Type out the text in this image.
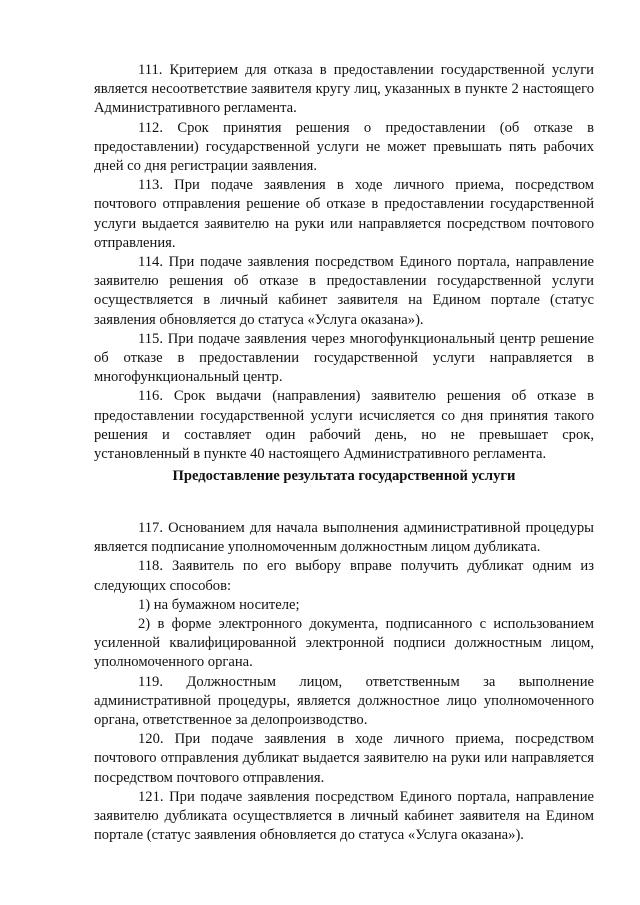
111. Критерием для отказа в предоставлении государственной услуги является несоответствие заявителя кругу лиц, указанных в пункте 2 настоящего Административного регламента.

112. Срок принятия решения о предоставлении (об отказе в предоставлении) государственной услуги не может превышать пять рабочих дней со дня регистрации заявления.

113. При подаче заявления в ходе личного приема, посредством почтового отправления решение об отказе в предоставлении государственной услуги выдается заявителю на руки или направляется посредством почтового отправления.

114. При подаче заявления посредством Единого портала, направление заявителю решения об отказе в предоставлении государственной услуги осуществляется в личный кабинет заявителя на Едином портале (статус заявления обновляется до статуса «Услуга оказана»).

115. При подаче заявления через многофункциональный центр решение об отказе в предоставлении государственной услуги направляется в многофункциональный центр.

116. Срок выдачи (направления) заявителю решения об отказе в предоставлении государственной услуги исчисляется со дня принятия такого решения и составляет один рабочий день, но не превышает срок, установленный в пункте 40 настоящего Административного регламента.

Предоставление результата государственной услуги

117. Основанием для начала выполнения административной процедуры является подписание уполномоченным должностным лицом дубликата.

118. Заявитель по его выбору вправе получить дубликат одним из следующих способов:

1) на бумажном носителе;

2) в форме электронного документа, подписанного с использованием усиленной квалифицированной электронной подписи должностным лицом, уполномоченного органа.

119. Должностным лицом, ответственным за выполнение административной процедуры, является должностное лицо уполномоченного органа, ответственное за делопроизводство.

120. При подаче заявления в ходе личного приема, посредством почтового отправления дубликат выдается заявителю на руки или направляется посредством почтового отправления.

121. При подаче заявления посредством Единого портала, направление заявителю дубликата осуществляется в личный кабинет заявителя на Едином портале (статус заявления обновляется до статуса «Услуга оказана»).
